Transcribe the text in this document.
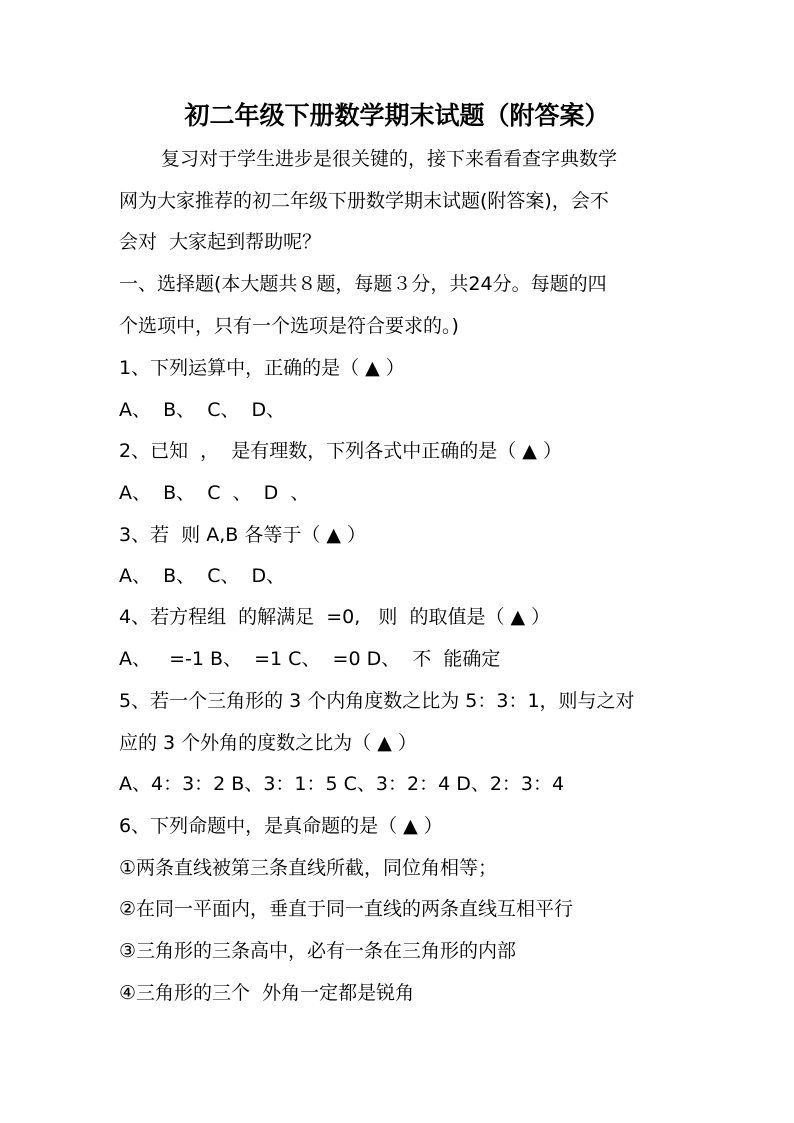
初二年级下册数学期末试题（附答案）
复习对于学生进步是很关键的，接下来看看查字典数学
网为大家推荐的初二年级下册数学期末试题(附答案)，会不
会对  大家起到帮助呢？
一、选择题(本大题共８题，每题３分，共24分。每题的四
个选项中，只有一个选项是符合要求的。)
1、下列运算中，正确的是（ ▲ ）
A、  B、  C、  D、
2、已知  ，  是有理数，下列各式中正确的是（ ▲ ）
A、  B、  C  、  D  、
3、若  则 A,B 各等于（ ▲ ）
A、  B、  C、  D、
4、若方程组  的解满足  =0,   则  的取值是（ ▲ ）
A、   =-1 B、  =1 C、  =0 D、  不  能确定
5、若一个三角形的 3 个内角度数之比为 5：3：1，则与之对
应的 3 个外角的度数之比为（ ▲ ）
A、4：3：2 B、3：1：5 C、3：2：4 D、2：3：4
6、下列命题中，是真命题的是（ ▲ ）
①两条直线被第三条直线所截，同位角相等；
②在同一平面内，垂直于同一直线的两条直线互相平行
③三角形的三条高中，必有一条在三角形的内部
④三角形的三个  外角一定都是锐角
